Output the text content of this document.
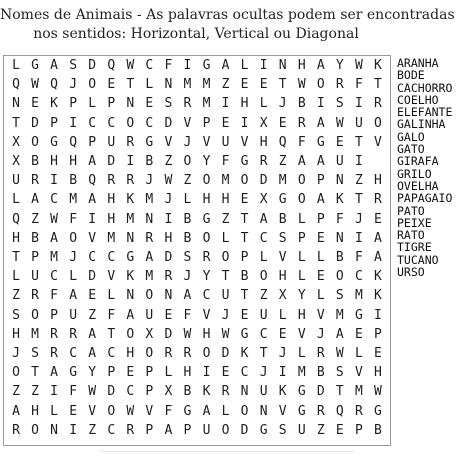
Nomes de Animais - As palavras ocultas podem ser encontradas
nos sentidos: Horizontal, Vertical ou Diagonal
L G A S D Q W C F I G A L I N H A Y W K
Q W Q J O E T L N M M Z E E T W O R F T
N E K P L P N E S R M I H L J B I S I R
T D P I C C O C D V P E I X E R A W U O
X O G Q P U R G V J V U V H Q F G E T V
X B H H A D I B Z O Y F G R Z A A U I
U R I B Q R R J W Z O M O D M O P N Z H
L A C M A H K M J L H H E X G O A K T R
Q Z W F I H M N I B G Z T A B L P F J E
H B A O V M N R H B O L T C S P E N I A
T P M J C C G A D S R O P L V L L B F A
L U C L D V K M R J Y T B O H L E O C K
Z R F A E L N O N A C U T Z X Y L S M K
S O P U Z F A U E F V J E U L H V M G I
H M R R A T O X D W H W G C E V J A E P
J S R C A C H O R R O D K T J L R W L E
O T A G Y P E P L H I E C J I M B S V H
Z Z I F W D C P X B K R N U K G D T M W
A H L E V O W V F G A L O N V G R Q R G
R O N I Z C R P A P U O D G S U Z E P B
ARANHA
BODE
CACHORRO
COELHO
ELEFANTE
GALINHA
GALO
GATO
GIRAFA
GRILO
OVELHA
PAPAGAIO
PATO
PEIXE
RATO
TIGRE
TUCANO
URSO
